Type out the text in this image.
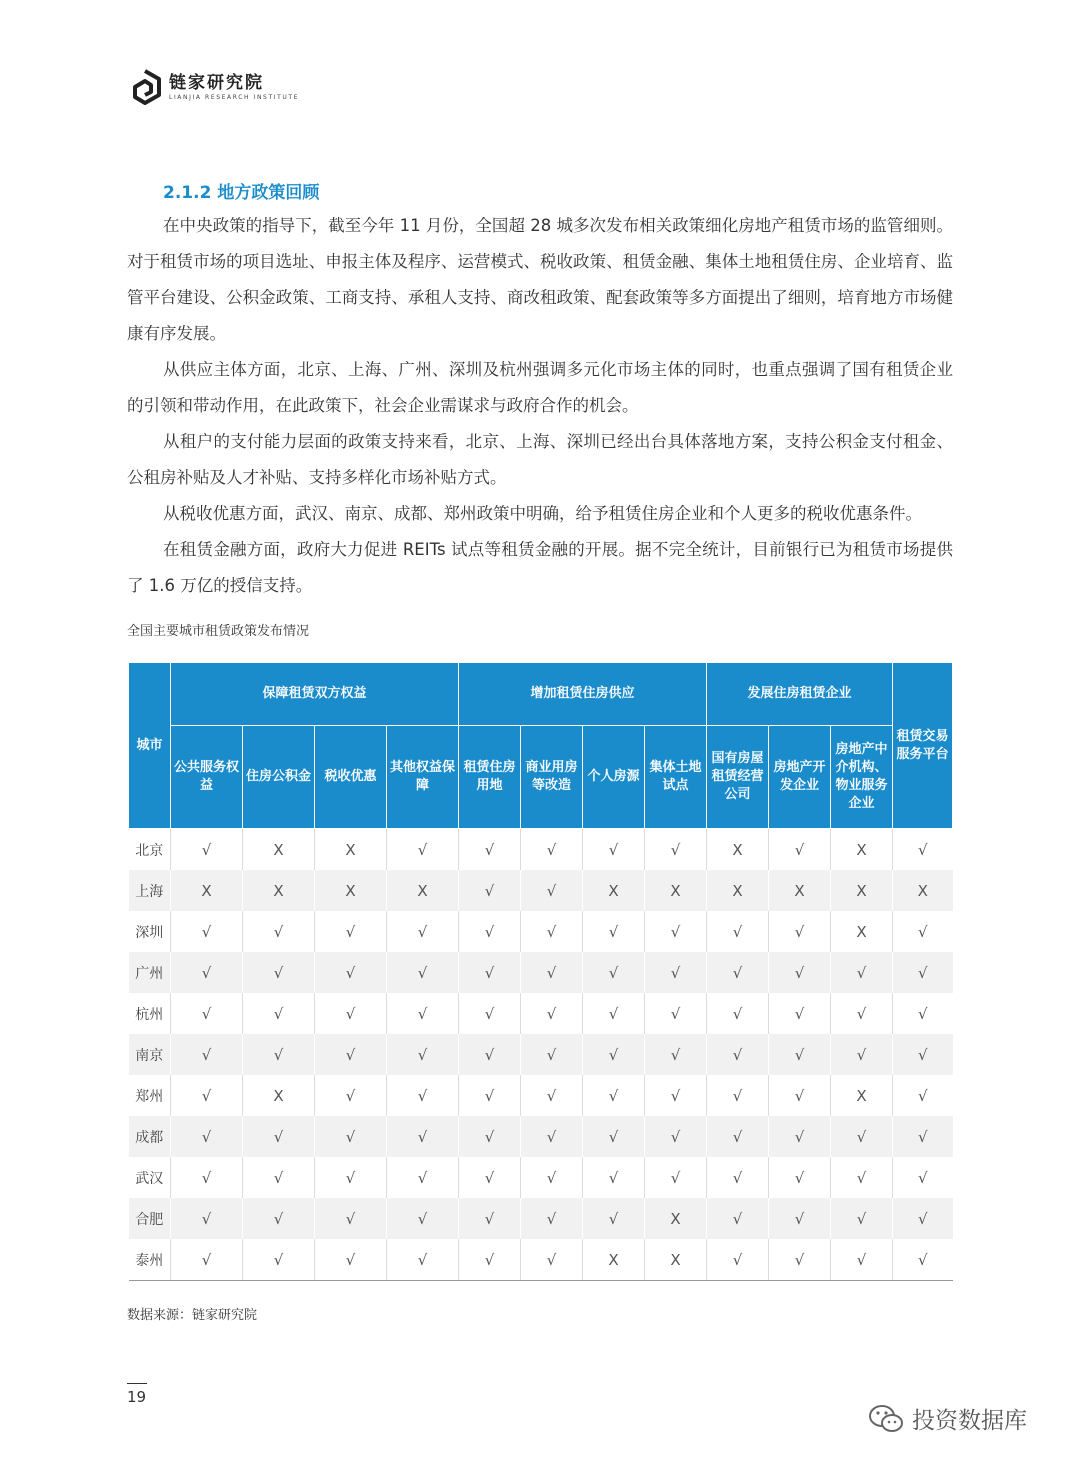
链家研究院
LIANJIA RESEARCH INSTITUTE
2.1.2 地方政策回顾

在中央政策的指导下，截至今年 11 月份，全国超 28 城多次发布相关政策细化房地产租赁市场的监管细则。对于租赁市场的项目选址、申报主体及程序、运营模式、税收政策、租赁金融、集体土地租赁住房、企业培育、监管平台建设、公积金政策、工商支持、承租人支持、商改租政策、配套政策等多方面提出了细则，培育地方市场健康有序发展。

从供应主体方面，北京、上海、广州、深圳及杭州强调多元化市场主体的同时，也重点强调了国有租赁企业的引领和带动作用，在此政策下，社会企业需谋求与政府合作的机会。

从租户的支付能力层面的政策支持来看，北京、上海、深圳已经出台具体落地方案，支持公积金支付租金、公租房补贴及人才补贴、支持多样化市场补贴方式。

从税收优惠方面，武汉、南京、成都、郑州政策中明确，给予租赁住房企业和个人更多的税收优惠条件。

在租赁金融方面，政府大力促进 REITs 试点等租赁金融的开展。据不完全统计，目前银行已为租赁市场提供了 1.6 万亿的授信支持。

全国主要城市租赁政策发布情况
城市	保障租赁双方权益				增加租赁住房供应				发展住房租赁企业			租赁交易服务平台
	公共服务权益	住房公积金	税收优惠	其他权益保障	租赁住房用地	商业用房等改造	个人房源	集体土地试点	国有房屋租赁经营公司	房地产开发企业	房地产中介机构、物业服务企业	
北京	√	X	X	√	√	√	√	√	X	√	X	√
上海	X	X	X	X	√	√	X	X	X	X	X	X
深圳	√	√	√	√	√	√	√	√	√	√	X	√
广州	√	√	√	√	√	√	√	√	√	√	√	√
杭州	√	√	√	√	√	√	√	√	√	√	√	√
南京	√	√	√	√	√	√	√	√	√	√	√	√
郑州	√	X	√	√	√	√	√	√	√	√	X	√
成都	√	√	√	√	√	√	√	√	√	√	√	√
武汉	√	√	√	√	√	√	√	√	√	√	√	√
合肥	√	√	√	√	√	√	√	X	√	√	√	√
泰州	√	√	√	√	√	√	X	X	√	√	√	√
数据来源：链家研究院
19
投资数据库
